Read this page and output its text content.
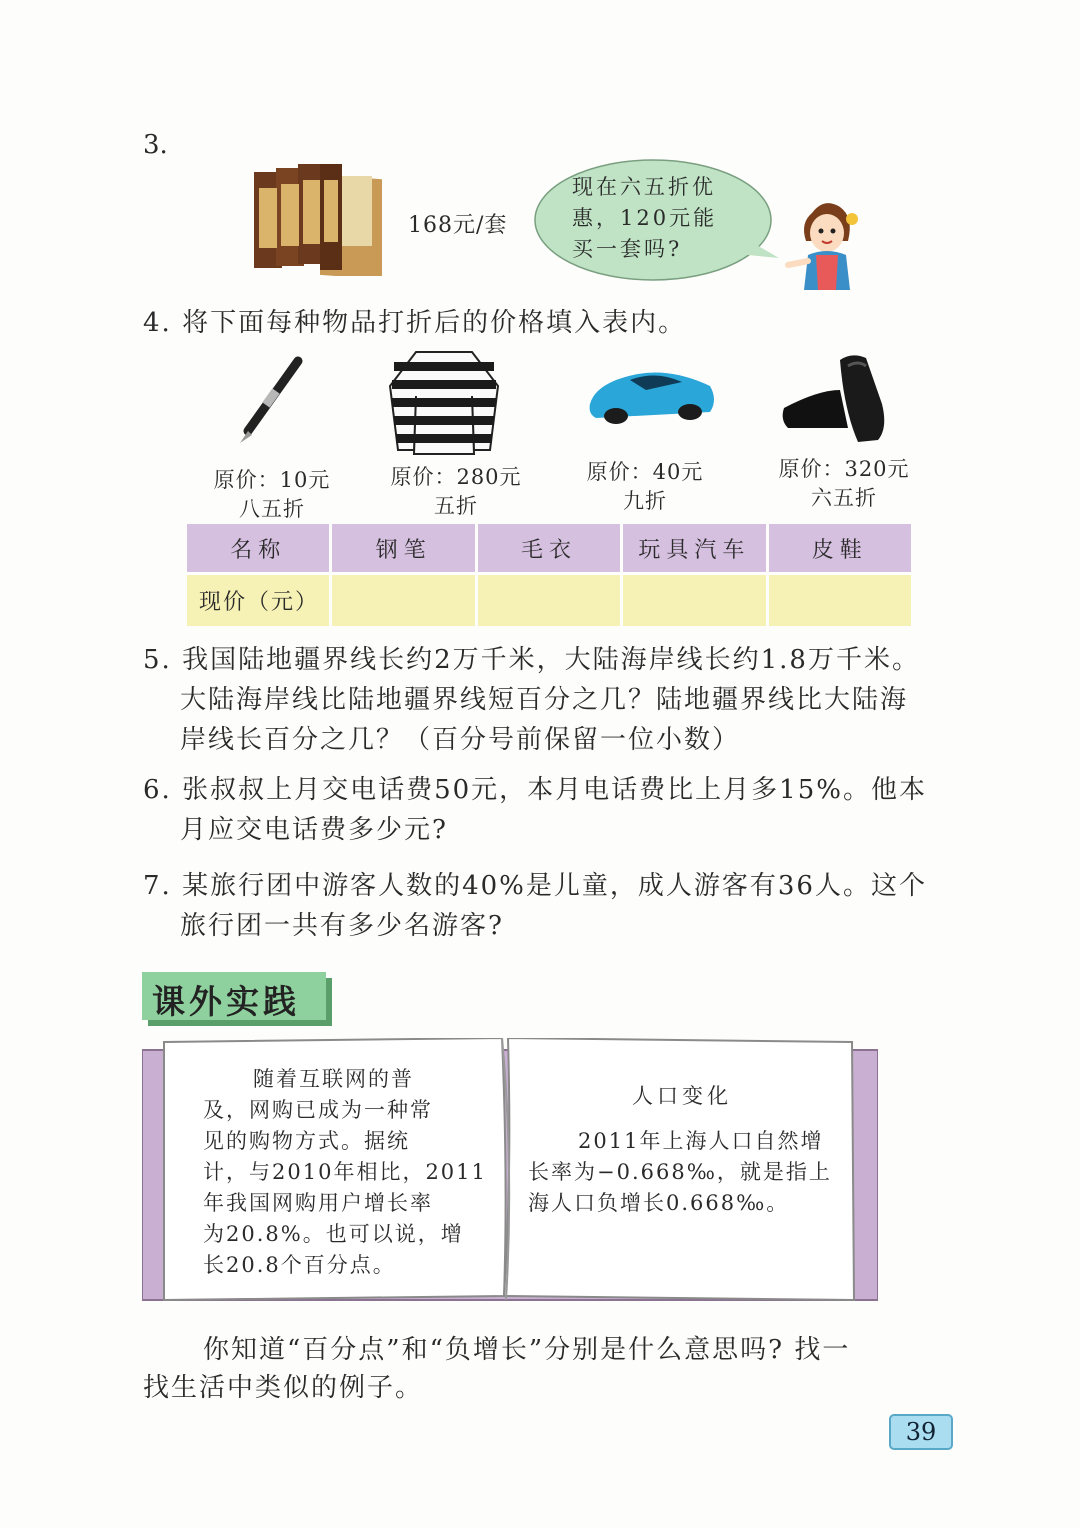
3.
168元/套
现在六五折优
惠，120元能
买一套吗?
4. 将下面每种物品打折后的价格填入表内。
原价：10元
八五折
原价：280元
五折
原价：40元
九折
原价：320元
六五折
名称	钢笔	毛衣	玩具汽车	皮鞋
现价（元）				
5. 我国陆地疆界线长约2万千米，大陆海岸线长约1.8万千米。
大陆海岸线比陆地疆界线短百分之几？陆地疆界线比大陆海
岸线长百分之几？（百分号前保留一位小数）
6. 张叔叔上月交电话费50元，本月电话费比上月多15%。他本
月应交电话费多少元?
7. 某旅行团中游客人数的40%是儿童，成人游客有36人。这个
旅行团一共有多少名游客?
课外实践
随着互联网的普
及，网购已成为一种常
见的购物方式。据统
计，与2010年相比，2011
年我国网购用户增长率
为20.8%。也可以说，增
长20.8个百分点。
人口变化
2011年上海人口自然增
长率为−0.668‰，就是指上
海人口负增长0.668‰。
你知道“百分点”和“负增长”分别是什么意思吗? 找一
找生活中类似的例子。
39
